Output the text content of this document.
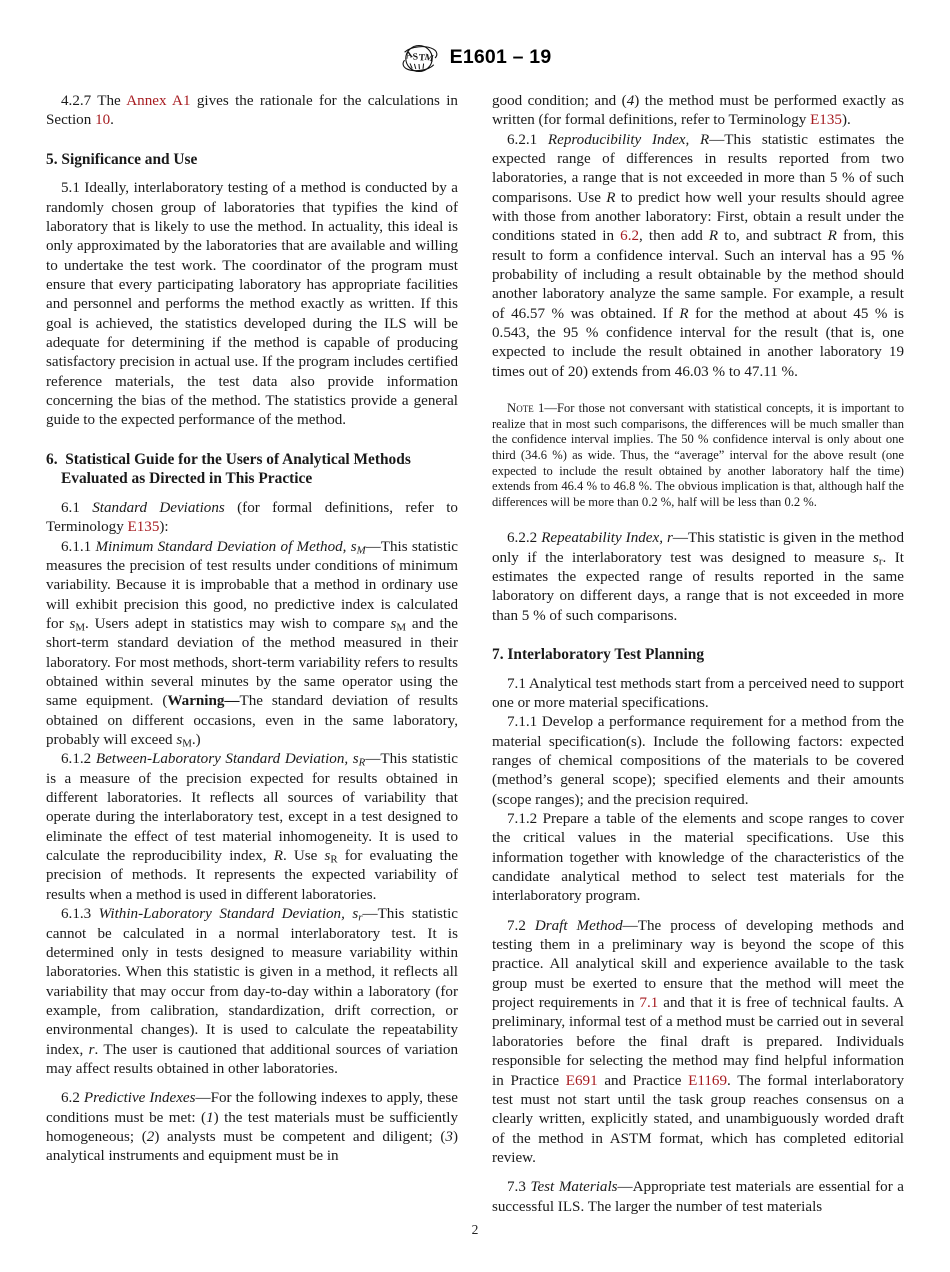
A
S T
M E1601 – 19

4.2.7 The Annex A1 gives the rationale for the calculations in Section 10.

5. Significance and Use

5.1 Ideally, interlaboratory testing of a method is conducted by a randomly chosen group of laboratories that typifies the kind of laboratory that is likely to use the method. In actuality, this ideal is only approximated by the laboratories that are available and willing to undertake the test work. The coordinator of the program must ensure that every participating laboratory has appropriate facilities and personnel and performs the method exactly as written. If this goal is achieved, the statistics developed during the ILS will be adequate for determining if the method is capable of producing satisfactory precision in actual use. If the program includes certified reference materials, the test data also provide information concerning the bias of the method. The statistics provide a general guide to the expected performance of the method.

6. Statistical Guide for the Users of Analytical Methods
Evaluated as Directed in This Practice

6.1 Standard Deviations (for formal definitions, refer to Terminology E135):

6.1.1 Minimum Standard Deviation of Method, $s_M—This$ statistic measures the precision of test results under conditions of minimum variability. Because it is improbable that a method in ordinary use will exhibit precision this good, no predictive index is calculated for $s_M$. Users adept in statistics may wish to compare $s_M$ and the short-term standard deviation of the method measured in their laboratory. For most methods, short-term variability refers to results obtained within several minutes by the same operator using the same equipment. (Warning—The standard deviation of results obtained on different occasions, even in the same laboratory, probably will exceed $s_M$.)

6.1.2 Between-Laboratory Standard Deviation, $s_R—This$ statistic is a measure of the precision expected for results obtained in different laboratories. It reflects all sources of variability that operate during the interlaboratory test, except in a test designed to eliminate the effect of test material inhomogeneity. It is used to calculate the reproducibility index, R. Use $s_R$ for evaluating the precision of methods. It represents the expected variability of results when a method is used in different laboratories.

6.1.3 Within-Laboratory Standard Deviation, $s_r—This$ statistic cannot be calculated in a normal interlaboratory test. It is determined only in tests designed to measure variability within laboratories. When this statistic is given in a method, it reflects all variability that may occur from day-to-day within a laboratory (for example, from calibration, standardization, drift correction, or environmental changes). It is used to calculate the repeatability index, r. The user is cautioned that additional sources of variation may affect results obtained in other laboratories.

6.2 Predictive Indexes—For the following indexes to apply, these conditions must be met: (1) the test materials must be sufficiently homogeneous; (2) analysts must be competent and diligent; (3) analytical instruments and equipment must be in

good condition; and (4) the method must be performed exactly as written (for formal definitions, refer to Terminology E135).

6.2.1 Reproducibility Index, R—This statistic estimates the expected range of differences in results reported from two laboratories, a range that is not exceeded in more than 5 % of such comparisons. Use R to predict how well your results should agree with those from another laboratory: First, obtain a result under the conditions stated in 6.2, then add R to, and subtract R from, this result to form a confidence interval. Such an interval has a 95 % probability of including a result obtainable by the method should another laboratory analyze the same sample. For example, a result of 46.57 % was obtained. If R for the method at about 45 % is 0.543, the 95 % confidence interval for the result (that is, one expected to include the result obtained in another laboratory 19 times out of 20) extends from 46.03 % to 47.11 %.

Note 1—For those not conversant with statistical concepts, it is important to realize that in most such comparisons, the differences will be much smaller than the confidence interval implies. The 50 % confidence interval is only about one third (34.6 %) as wide. Thus, the “average” interval for the above result (one expected to include the result obtained by another laboratory half the time) extends from 46.4 % to 46.8 %. The obvious implication is that, although half the differences will be more than 0.2 %, half will be less than 0.2 %.

6.2.2 Repeatability Index, r—This statistic is given in the method only if the interlaboratory test was designed to measure $s_r$. It estimates the expected range of results reported in the same laboratory on different days, a range that is not exceeded in more than 5 % of such comparisons.

7. Interlaboratory Test Planning

7.1 Analytical test methods start from a perceived need to support one or more material specifications.

7.1.1 Develop a performance requirement for a method from the material specification(s). Include the following factors: expected ranges of chemical compositions of the materials to be covered (method’s general scope); specified elements and their amounts (scope ranges); and the precision required.

7.1.2 Prepare a table of the elements and scope ranges to cover the critical values in the material specifications. Use this information together with knowledge of the characteristics of the candidate analytical method to select test materials for the interlaboratory program.

7.2 Draft Method—The process of developing methods and testing them in a preliminary way is beyond the scope of this practice. All analytical skill and experience available to the task group must be exerted to ensure that the method will meet the project requirements in 7.1 and that it is free of technical faults. A preliminary, informal test of a method must be carried out in several laboratories before the final draft is prepared. Individuals responsible for selecting the method may find helpful information in Practice E691 and Practice E1169. The formal interlaboratory test must not start until the task group reaches consensus on a clearly written, explicitly stated, and unambiguously worded draft of the method in ASTM format, which has completed editorial review.

7.3 Test Materials—Appropriate test materials are essential for a successful ILS. The larger the number of test materials

2
